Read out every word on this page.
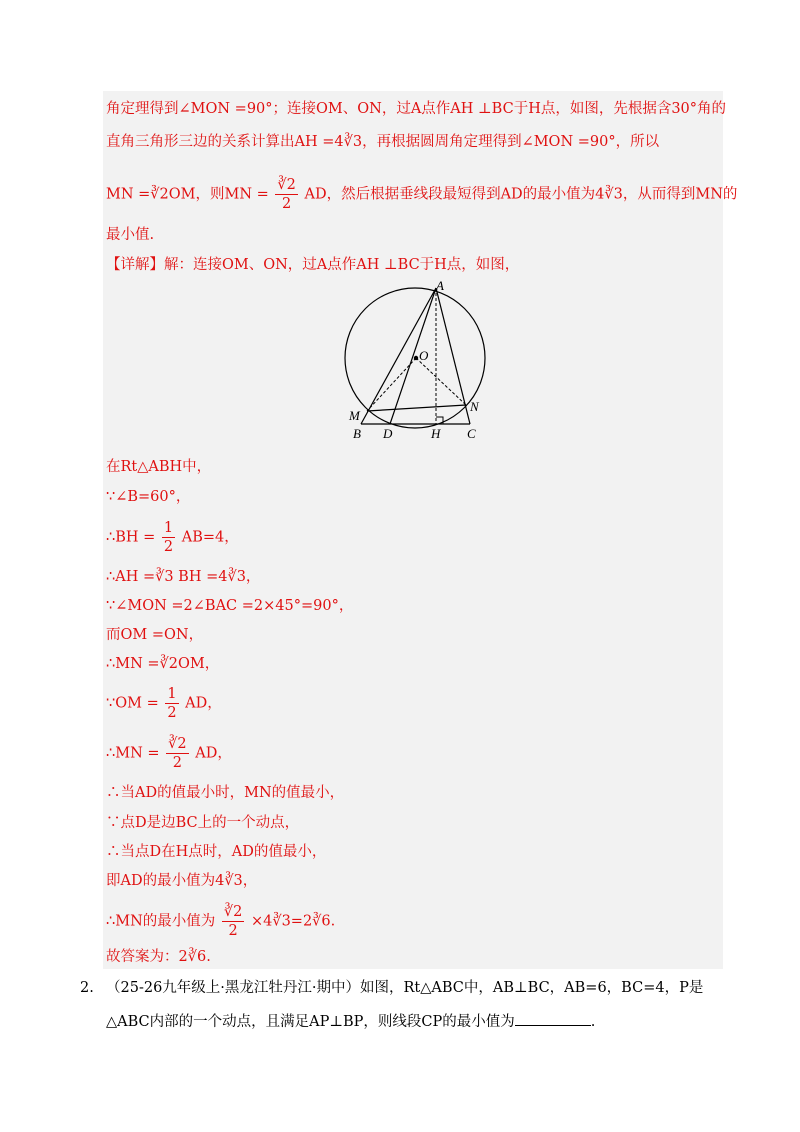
角定理得到∠MON =90°；连接OM、ON，过A点作AH ⊥BC于H点，如图，先根据含30°角的
直角三角形三边的关系计算出AH =4∛3，再根据圆周角定理得到∠MON =90°，所以
MN =∛2OM，则MN = $\frac{∛2}{2}$ AD，然后根据垂线段最短得到AD的最小值为4∛3，从而得到MN的
最小值.
【详解】解：连接OM、ON，过A点作AH ⊥BC于H点，如图，
A
O
M
N
B D	H C
在Rt△ABH中，
∵∠B=60°，
∴BH = $\frac{1}{2} AB=4$，
∴AH =∛3 BH =4∛3，
∵∠MON =2∠BAC =2×45°=90°，
而OM =ON，
∴MN =∛2OM，
∵OM = $\frac{1}{2}$ AD，
∴MN = $\frac{∛2}{2}$ AD，
∴当AD的值最小时，MN的值最小，
∵点D是边BC上的一个动点，
∴当点D在H点时，AD的值最小，
即AD的最小值为4∛3，
∴MN的最小值为 $\frac{∛2}{2}$ ×4∛3=2∛6.
故答案为：2∛6.
2. （25-26九年级上·黑龙江牡丹江·期中）如图，Rt△ABC中，AB⊥BC，AB=6，BC=4，P是
△ABC内部的一个动点，且满足AP⊥BP，则线段CP的最小值为	.
